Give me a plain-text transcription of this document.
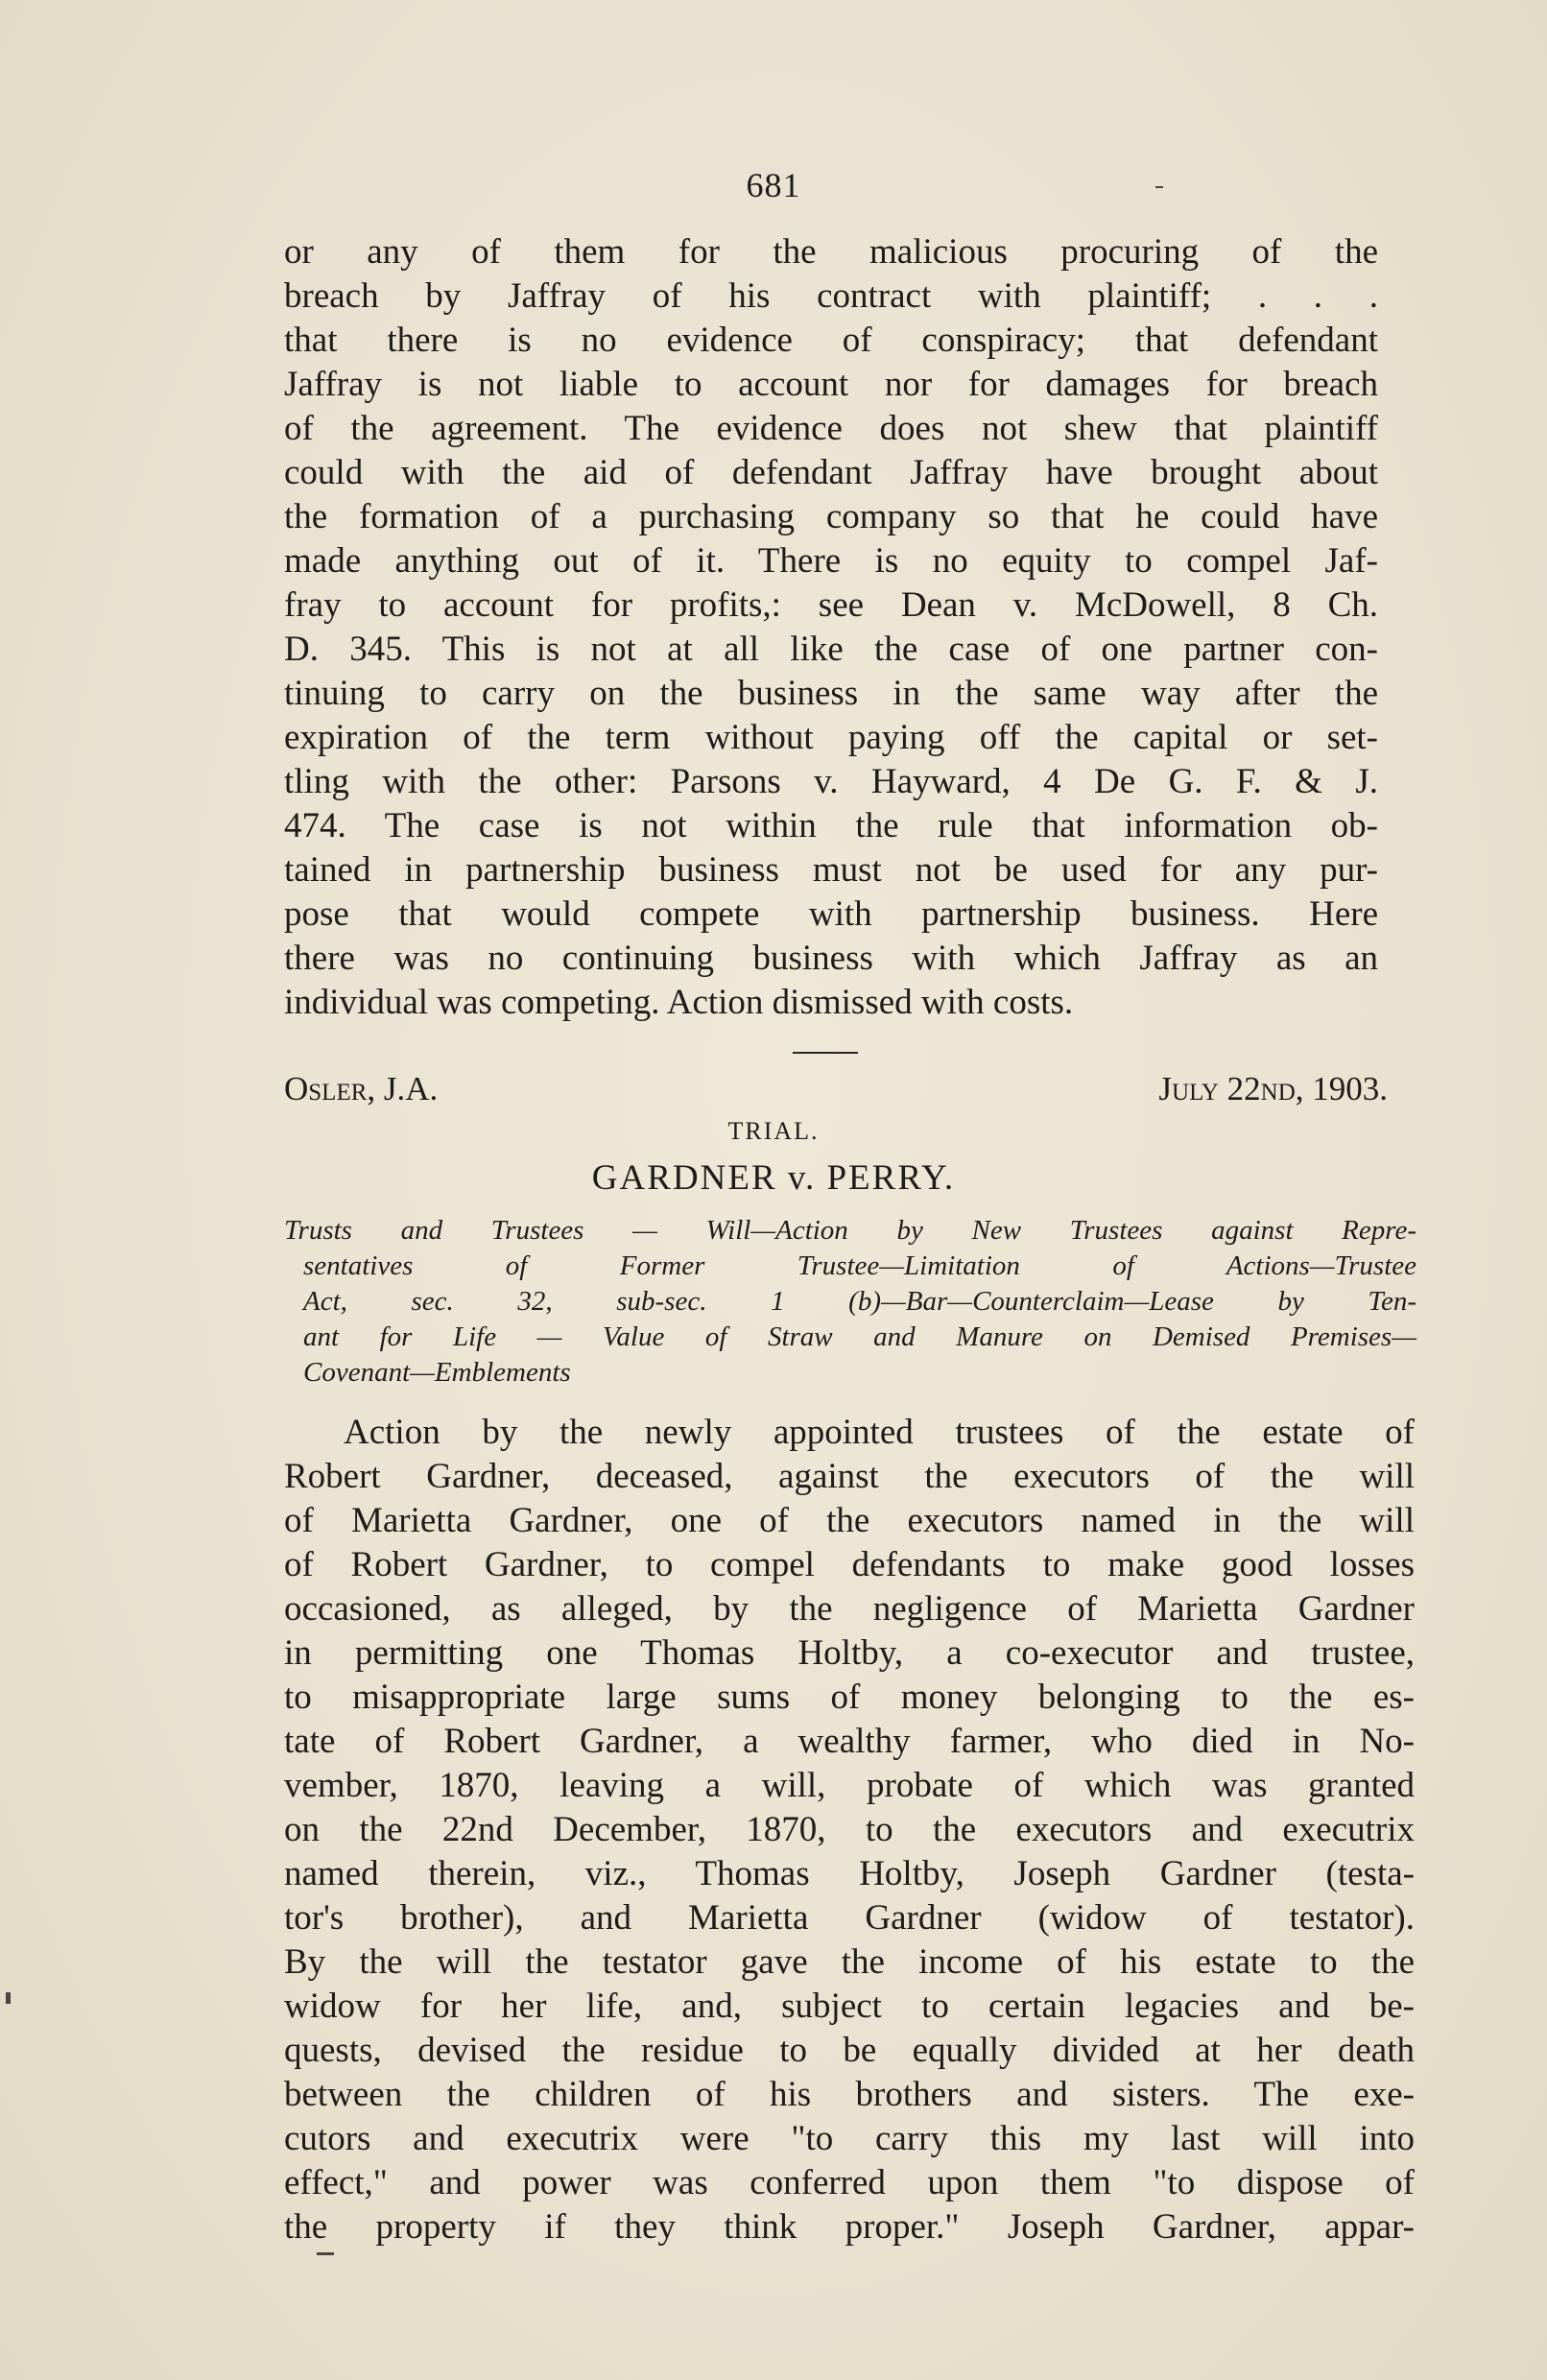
681
or any of them for the malicious procuring of the
breach by Jaffray of his contract with plaintiff; . . .
that there is no evidence of conspiracy; that defendant
Jaffray is not liable to account nor for damages for breach
of the agreement. The evidence does not shew that plaintiff
could with the aid of defendant Jaffray have brought about
the formation of a purchasing company so that he could have
made anything out of it. There is no equity to compel Jaf-
fray to account for profits,: see Dean v. McDowell, 8 Ch.
D. 345. This is not at all like the case of one partner con-
tinuing to carry on the business in the same way after the
expiration of the term without paying off the capital or set-
tling with the other: Parsons v. Hayward, 4 De G. F. & J.
474. The case is not within the rule that information ob-
tained in partnership business must not be used for any pur-
pose that would compete with partnership business. Here
there was no continuing business with which Jaffray as an
individual was competing. Action dismissed with costs.
Osler, J.A.	July 22nd, 1903.
TRIAL.
GARDNER v. PERRY.
Trusts and Trustees — Will—Action by New Trustees against Repre-
sentatives of Former Trustee—Limitation of Actions—Trustee
Act, sec. 32, sub-sec. 1 (b)—Bar—Counterclaim—Lease by Ten-
ant for Life — Value of Straw and Manure on Demised Premises—
Covenant—Emblements
Action by the newly appointed trustees of the estate of
Robert Gardner, deceased, against the executors of the will
of Marietta Gardner, one of the executors named in the will
of Robert Gardner, to compel defendants to make good losses
occasioned, as alleged, by the negligence of Marietta Gardner
in permitting one Thomas Holtby, a co-executor and trustee,
to misappropriate large sums of money belonging to the es-
tate of Robert Gardner, a wealthy farmer, who died in No-
vember, 1870, leaving a will, probate of which was granted
on the 22nd December, 1870, to the executors and executrix
named therein, viz., Thomas Holtby, Joseph Gardner (testa-
tor's brother), and Marietta Gardner (widow of testator).
By the will the testator gave the income of his estate to the
widow for her life, and, subject to certain legacies and be-
quests, devised the residue to be equally divided at her death
between the children of his brothers and sisters. The exe-
cutors and executrix were "to carry this my last will into
effect," and power was conferred upon them "to dispose of
the property if they think proper." Joseph Gardner, appar-
